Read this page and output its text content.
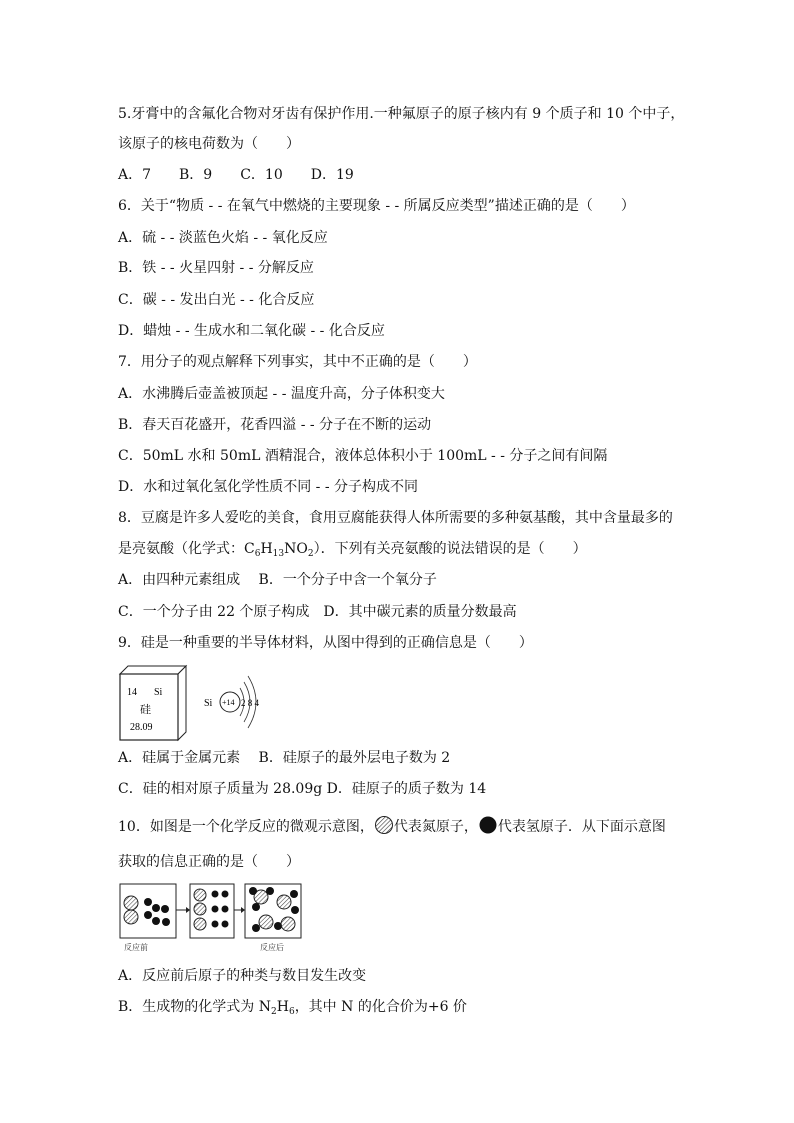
5.牙膏中的含氟化合物对牙齿有保护作用.一种氟原子的原子核内有 9 个质子和 10 个中子，
该原子的核电荷数为（　　）
A．7　　B．9　　C．10　　D．19
6．关于“物质 - - 在氧气中燃烧的主要现象 - - 所属反应类型”描述正确的是（　　）
A．硫 - - 淡蓝色火焰 - - 氧化反应
B．铁 - - 火星四射 - - 分解反应
C．碳 - - 发出白光 - - 化合反应
D．蜡烛 - - 生成水和二氧化碳 - - 化合反应
7．用分子的观点解释下列事实，其中不正确的是（　　）
A．水沸腾后壶盖被顶起 - - 温度升高，分子体积变大
B．春天百花盛开，花香四溢 - - 分子在不断的运动
C．50mL 水和 50mL 酒精混合，液体总体积小于 100mL - - 分子之间有间隔
D．水和过氧化氢化学性质不同 - - 分子构成不同
8．豆腐是许多人爱吃的美食，食用豆腐能获得人体所需要的多种氨基酸，其中含量最多的
是亮氨酸（化学式：$C_6H_{13}NO_2$）．下列有关亮氨酸的说法错误的是（　　）
A．由四种元素组成　 B．一个分子中含一个氧分子
C．一个分子由 22 个原子构成　D．其中碳元素的质量分数最高
9．硅是一种重要的半导体材料，从图中得到的正确信息是（　　）
14 Si
硅
28.09
Si +14 2 8 4
A．硅属于金属元素　 B．硅原子的最外层电子数为 2
C．硅的相对原子质量为 28.09g D．硅原子的质子数为 14
10．如图是一个化学反应的微观示意图， 代表氮原子， 代表氢原子．从下面示意图
获取的信息正确的是（　　）
反应前	反应后
A．反应前后原子的种类与数目发生改变
B．生成物的化学式为 $N_2H_6$，其中 N 的化合价为+6 价
